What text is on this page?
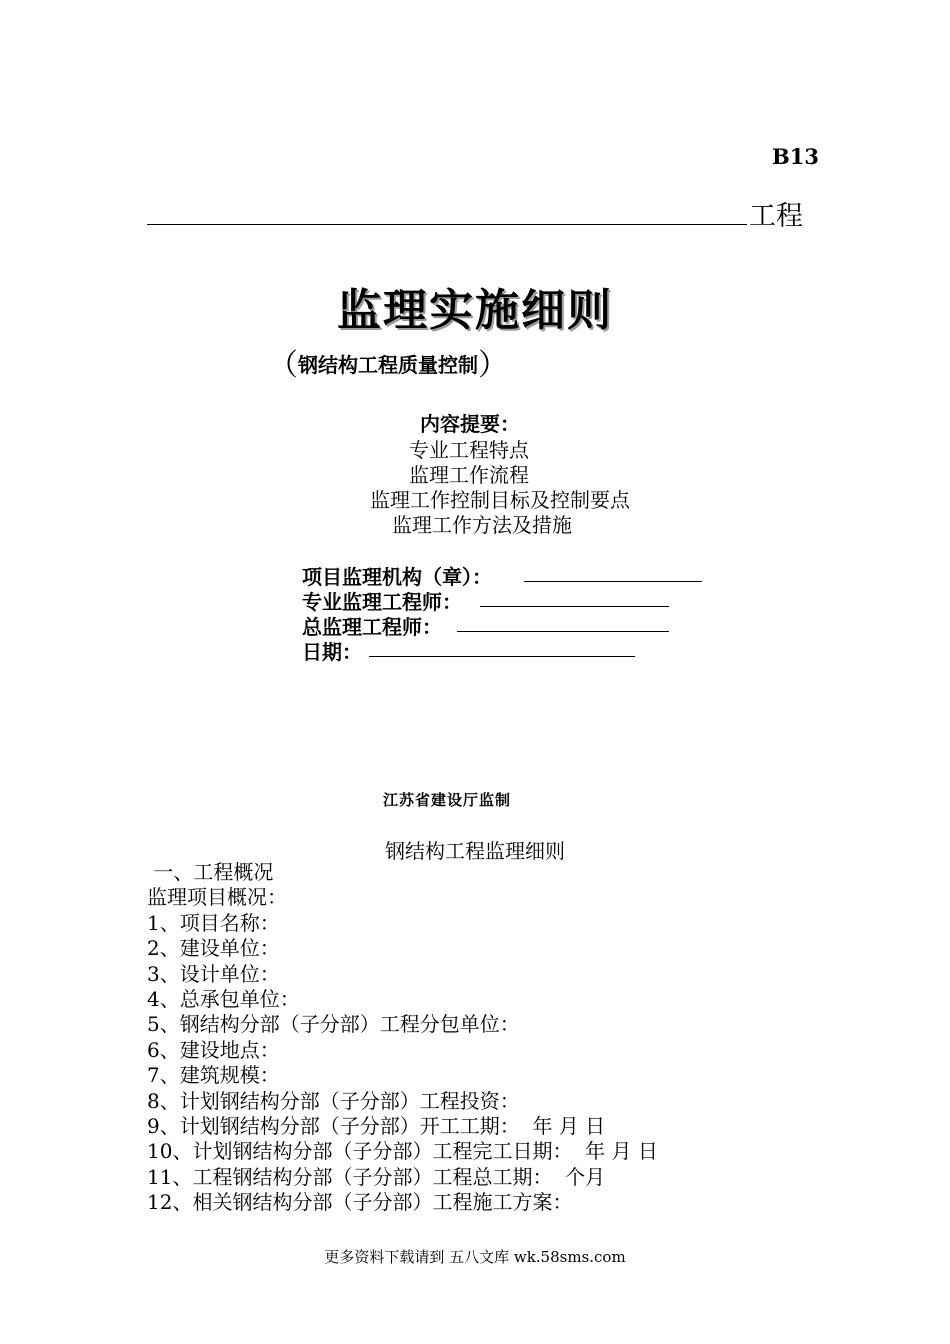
B13
工程
监理实施细则
（钢结构工程质量控制）
内容提要：
专业工程特点
监理工作流程
监理工作控制目标及控制要点
监理工作方法及措施
项目监理机构（章）：
专业监理工程师：
总监理工程师：
日期：
江苏省建设厅监制
钢结构工程监理细则
一、工程概况
监理项目概况：
1、项目名称：
2、建设单位：
3、设计单位：
4、总承包单位：
5、钢结构分部（子分部）工程分包单位：
6、建设地点：
7、建筑规模：
8、计划钢结构分部（子分部）工程投资：
9、计划钢结构分部（子分部）开工工期：  年 月 日
10、计划钢结构分部（子分部）工程完工日期：  年 月 日
11、工程钢结构分部（子分部）工程总工期：  个月
12、相关钢结构分部（子分部）工程施工方案：
更多资料下载请到 五八文库 wk.58sms.com
